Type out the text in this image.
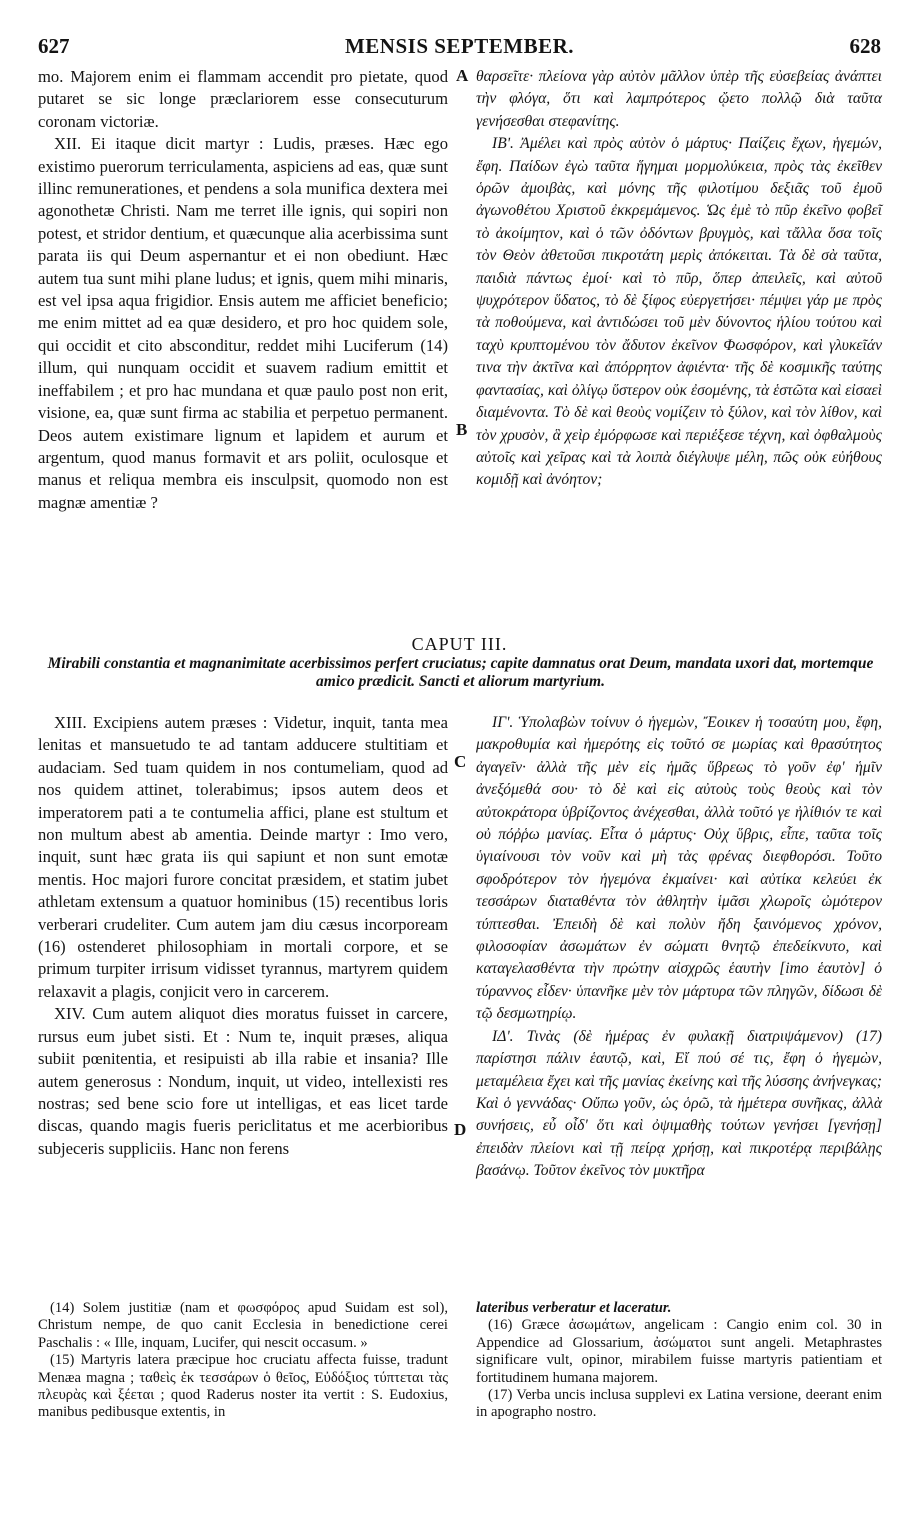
627	MENSIS SEPTEMBER.	628

mo. Majorem enim ei flammam accendit pro pietate, quod putaret se sic longe præclariorem esse consecuturum coronam victoriæ.

XII. Ei itaque dicit martyr : Ludis, præses. Hæc ego existimo puerorum terriculamenta, aspiciens ad eas, quæ sunt illinc remunerationes, et pendens a sola munifica dextera mei agonothetæ Christi. Nam me terret ille ignis, qui sopiri non potest, et stridor dentium, et quæcunque alia acerbissima sunt parata iis qui Deum aspernantur et ei non obediunt. Hæc autem tua sunt mihi plane ludus; et ignis, quem mihi minaris, est vel ipsa aqua frigidior. Ensis autem me afficiet beneficio; me enim mittet ad ea quæ desidero, et pro hoc quidem sole, qui occidit et cito absconditur, reddet mihi Luciferum (14) illum, qui nunquam occidit et suavem radium emittit et ineffabilem ; et pro hac mundana et quæ paulo post non erit, visione, ea, quæ sunt firma ac stabilia et perpetuo permanent. Deos autem existimare lignum et lapidem et aurum et argentum, quod manus formavit et ars poliit, oculosque et manus et reliqua membra eis insculpsit, quomodo non est magnæ amentiæ ?

θαρσεῖτε· πλείονα γὰρ αὐτὸν μᾶλλον ὑπὲρ τῆς εὐσεβείας ἀνάπτει τὴν φλόγα, ὅτι καὶ λαμπρότερος ᾤετο πολλῷ διὰ ταῦτα γενήσεσθαι στεφανίτης.

ΙΒʹ. Ἀμέλει καὶ πρὸς αὐτὸν ὁ μάρτυς· Παίζεις ἔχων, ἡγεμών, ἔφη. Παίδων ἐγὼ ταῦτα ἥγημαι μορμολύκεια, πρὸς τὰς ἐκεῖθεν ὁρῶν ἀμοιβὰς, καὶ μόνης τῆς φιλοτίμου δεξιᾶς τοῦ ἐμοῦ ἀγωνοθέτου Χριστοῦ ἐκκρεμάμενος. Ὡς ἐμὲ τὸ πῦρ ἐκεῖνο φοβεῖ τὸ ἀκοίμητον, καὶ ὁ τῶν ὀδόντων βρυγμὸς, καὶ τἄλλα ὅσα τοῖς τὸν Θεὸν ἀθετοῦσι πικροτάτη μερὶς ἀπόκειται. Τὰ δὲ σὰ ταῦτα, παιδιὰ πάντως ἐμοί· καὶ τὸ πῦρ, ὅπερ ἀπειλεῖς, καὶ αὐτοῦ ψυχρότερον ὕδατος, τὸ δὲ ξίφος εὐεργετήσει· πέμψει γάρ με πρὸς τὰ ποθούμενα, καὶ ἀντιδώσει τοῦ μὲν δύνοντος ἡλίου τούτου καὶ ταχὺ κρυπτομένου τὸν ἄδυτον ἐκεῖνον Φωσφόρον, καὶ γλυκεῖάν τινα τὴν ἀκτῖνα καὶ ἀπόρρητον ἀφιέντα· τῆς δὲ κοσμικῆς ταύτης φαντασίας, καὶ ὀλίγῳ ὕστερον οὐκ ἐσομένης, τὰ ἑστῶτα καὶ εἰσαεὶ διαμένοντα. Τὸ δὲ καὶ θεοὺς νομίζειν τὸ ξύλον, καὶ τὸν λίθον, καὶ τὸν χρυσὸν, ἃ χεὶρ ἐμόρφωσε καὶ περιέξεσε τέχνη, καὶ ὀφθαλμοὺς αὐτοῖς καὶ χεῖρας καὶ τὰ λοιπὰ διέγλυψε μέλη, πῶς οὐκ εὐήθους κομιδῇ καὶ ἀνόητον;

A
B
CAPUT III.
Mirabili constantia et magnanimitate acerbissimos perfert cruciatus; capite damnatus orat Deum, mandata uxori dat, mortemque amico prædicit. Sancti et aliorum martyrium.

XIII. Excipiens autem præses : Videtur, inquit, tanta mea lenitas et mansuetudo te ad tantam adducere stultitiam et audaciam. Sed tuam quidem in nos contumeliam, quod ad nos quidem attinet, tolerabimus; ipsos autem deos et imperatorem pati a te contumelia affici, plane est stultum et non multum abest ab amentia. Deinde martyr : Imo vero, inquit, sunt hæc grata iis qui sapiunt et non sunt emotæ mentis. Hoc majori furore concitat præsidem, et statim jubet athletam extensum a quatuor hominibus (15) recentibus loris verberari crudeliter. Cum autem jam diu cæsus incorpoream (16) ostenderet philosophiam in mortali corpore, et se primum turpiter irrisum vidisset tyrannus, martyrem quidem relaxavit a plagis, conjicit vero in carcerem.

XIV. Cum autem aliquot dies moratus fuisset in carcere, rursus eum jubet sisti. Et : Num te, inquit præses, aliqua subiit pœnitentia, et resipuisti ab illa rabie et insania? Ille autem generosus : Nondum, inquit, ut video, intellexisti res nostras; sed bene scio fore ut intelligas, et eas licet tarde discas, quando magis fueris periclitatus et me acerbioribus subjeceris suppliciis. Hanc non ferens

ΙΓʹ. Ὑπολαβὼν τοίνυν ὁ ἡγεμὼν, Ἔοικεν ἡ τοσαύτη μου, ἔφη, μακροθυμία καὶ ἡμερότης εἰς τοῦτό σε μωρίας καὶ θρασύτητος ἀγαγεῖν· ἀλλὰ τῆς μὲν εἰς ἡμᾶς ὕβρεως τὸ γοῦν ἐφ' ἡμῖν ἀνεξόμεθά σου· τὸ δὲ καὶ εἰς αὐτοὺς τοὺς θεοὺς καὶ τὸν αὐτοκράτορα ὑβρίζοντος ἀνέχεσθαι, ἀλλὰ τοῦτό γε ἠλίθιόν τε καὶ οὐ πόῤῥω μανίας. Εἶτα ὁ μάρτυς· Οὐχ ὕβρις, εἶπε, ταῦτα τοῖς ὑγιαίνουσι τὸν νοῦν καὶ μὴ τὰς φρένας διεφθορόσι. Τοῦτο σφοδρότερον τὸν ἡγεμόνα ἐκμαίνει· καὶ αὐτίκα κελεύει ἐκ τεσσάρων διαταθέντα τὸν ἀθλητὴν ἱμᾶσι χλωροῖς ὠμότερον τύπτεσθαι. Ἐπειδὴ δὲ καὶ πολὺν ἤδη ξαινόμενος χρόνον, φιλοσοφίαν ἀσωμάτων ἐν σώματι θνητῷ ἐπεδείκνυτο, καὶ καταγελασθέντα τὴν πρώτην αἰσχρῶς ἑαυτὴν [imo ἑαυτὸν] ὁ τύραννος εἶδεν· ὑπανῆκε μὲν τὸν μάρτυρα τῶν πληγῶν, δίδωσι δὲ τῷ δεσμωτηρίῳ.

ΙΔʹ. Τινὰς (δὲ ἡμέρας ἐν φυλακῇ διατριψάμενον) (17) παρίστησι πάλιν ἑαυτῷ, καὶ, Εἴ πού σέ τις, ἔφη ὁ ἡγεμὼν, μεταμέλεια ἔχει καὶ τῆς μανίας ἐκείνης καὶ τῆς λύσσης ἀνήνεγκας; Καὶ ὁ γεννάδας· Οὔπω γοῦν, ὡς ὁρῶ, τὰ ἡμέτερα συνῆκας, ἀλλὰ συνήσεις, εὖ οἶδ' ὅτι καὶ ὀψιμαθὴς τούτων γενήσει [γενήσῃ] ἐπειδὰν πλείονι καὶ τῇ πείρᾳ χρήσῃ, καὶ πικροτέρᾳ περιβάλῃς βασάνῳ. Τοῦτον ἐκεῖνος τὸν μυκτῆρα

C
D

(14) Solem justitiæ (nam et φωσφόρος apud Suidam est sol), Christum nempe, de quo canit Ecclesia in benedictione cerei Paschalis : « Ille, inquam, Lucifer, qui nescit occasum. »

(15) Martyris latera præcipue hoc cruciatu affecta fuisse, tradunt Menæa magna ; ταθεὶς ἐκ τεσσάρων ὁ θεῖος, Εὐδόξιος τύπτεται τὰς πλευρὰς καὶ ξέεται ; quod Raderus noster ita vertit : S. Eudoxius, manibus pedibusque extentis, in

lateribus verberatur et laceratur.

(16) Græce ἀσωμάτων, angelicam : Cangio enim col. 30 in Appendice ad Glossarium, ἀσώματοι sunt angeli. Metaphrastes significare vult, opinor, mirabilem fuisse martyris patientiam et fortitudinem humana majorem.

(17) Verba uncis inclusa supplevi ex Latina versione, deerant enim in apographo nostro.
